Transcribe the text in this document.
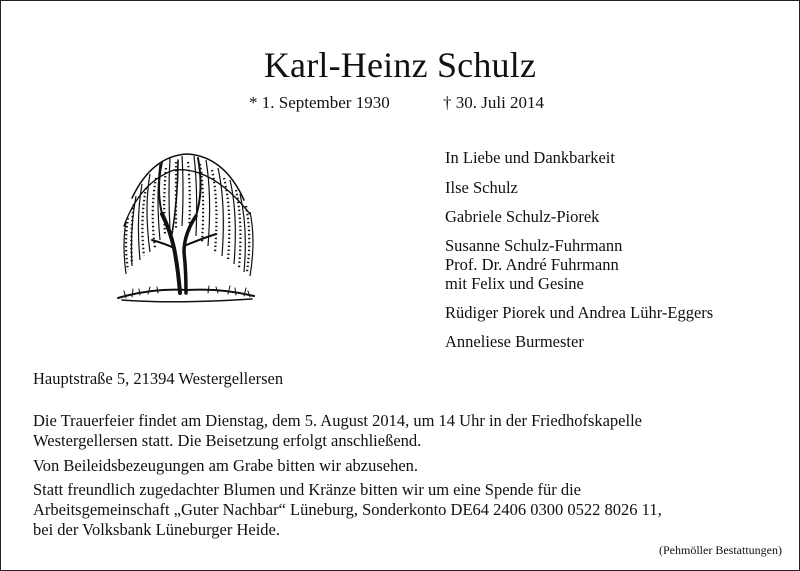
Karl-Heinz Schulz
* 1. September 1930	† 30. Juli 2014
In Liebe und Dankbarkeit
Ilse Schulz
Gabriele Schulz-Piorek
Susanne Schulz-Fuhrmann
Prof. Dr. André Fuhrmann
mit Felix und Gesine
Rüdiger Piorek und Andrea Lühr-Eggers
Anneliese Burmester
Hauptstraße 5, 21394 Westergellersen
Die Trauerfeier findet am Dienstag, dem 5. August 2014, um 14 Uhr in der Friedhofskapelle
Westergellersen statt. Die Beisetzung erfolgt anschließend.
Von Beileidsbezeugungen am Grabe bitten wir abzusehen.
Statt freundlich zugedachter Blumen und Kränze bitten wir um eine Spende für die
Arbeitsgemeinschaft „Guter Nachbar“ Lüneburg, Sonderkonto DE64 2406 0300 0522 8026 11,
bei der Volksbank Lüneburger Heide.
(Pehmöller Bestattungen)
